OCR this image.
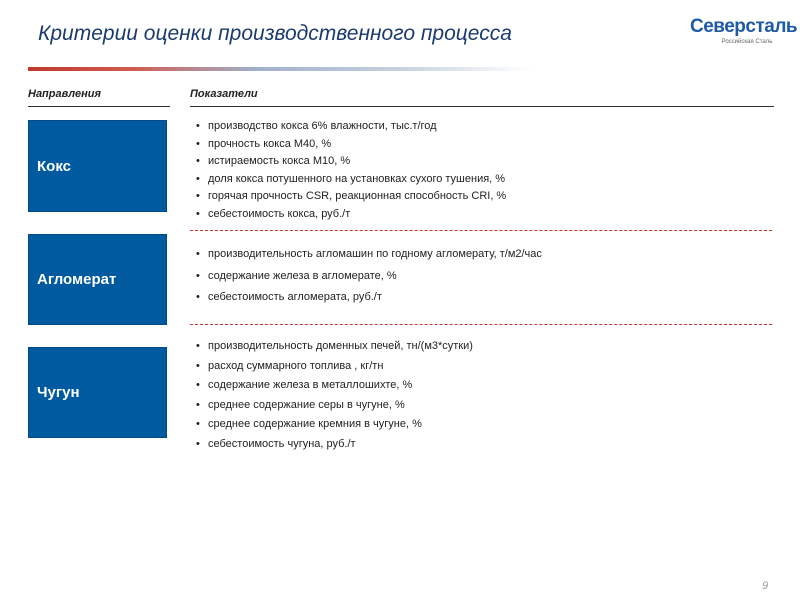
Критерии оценки производственного процесса	Северсталь
Российская Сталь
Направления	Показатели
Кокс
• производство кокса 6% влажности, тыс.т/год
• прочность кокса М40, %
• истираемость кокса М10, %
• доля кокса потушенного на установках сухого тушения, %
• горячая прочность CSR, реакционная способность CRI, %
• себестоимость кокса, руб./т
Агломерат
• производительность агломашин по годному агломерату, т/м2/час
• содержание железа в агломерате, %
• себестоимость агломерата, руб./т
Чугун
• производительность доменных печей, тн/(м3*сутки)
• расход суммарного топлива , кг/тн
• содержание железа в металлошихте, %
• среднее содержание серы в чугуне, %
• среднее содержание кремния в чугуне, %
• себестоимость чугуна, руб./т
9
